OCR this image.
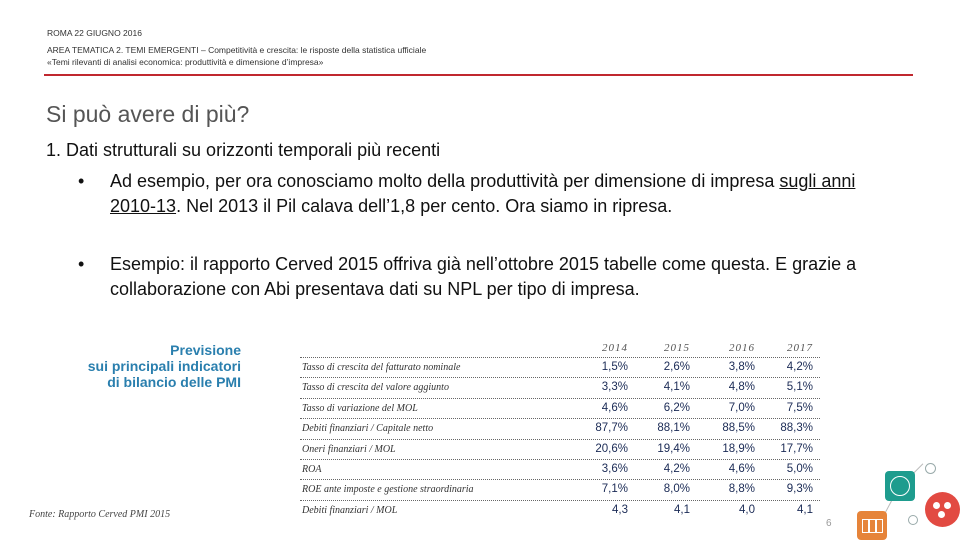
ROMA 22 GIUGNO 2016
AREA TEMATICA 2. TEMI EMERGENTI – Competitività e crescita: le risposte della statistica ufficiale
«Temi rilevanti di analisi economica: produttività e dimensione d’impresa»
Si può avere di più?
1. Dati strutturali su orizzonti temporali più recenti
• Ad esempio, per ora conosciamo molto della produttività per dimensione di impresa sugli anni 2010-13. Nel 2013 il Pil calava dell’1,8 per cento. Ora siamo in ripresa.
• Esempio: il rapporto Cerved 2015 offriva già nell’ottobre 2015 tabelle come questa. E grazie a collaborazione con Abi presentava dati su NPL per tipo di impresa.
Previsione
sui principali indicatori
di bilancio delle PMI
Fonte: Rapporto Cerved PMI 2015
2014	2015	2016	2017
Tasso di crescita del fatturato nominale	1,5%	2,6%	3,8%	4,2%
Tasso di crescita del valore aggiunto	3,3%	4,1%	4,8%	5,1%
Tasso di variazione del MOL	4,6%	6,2%	7,0%	7,5%
Debiti finanziari / Capitale netto	87,7%	88,1%	88,5%	88,3%
Oneri finanziari / MOL	20,6%	19,4%	18,9%	17,7%
ROA	3,6%	4,2%	4,6%	5,0%
ROE ante imposte e gestione straordinaria	7,1%	8,0%	8,8%	9,3%
Debiti finanziari / MOL	4,3	4,1	4,0	4,1
6
